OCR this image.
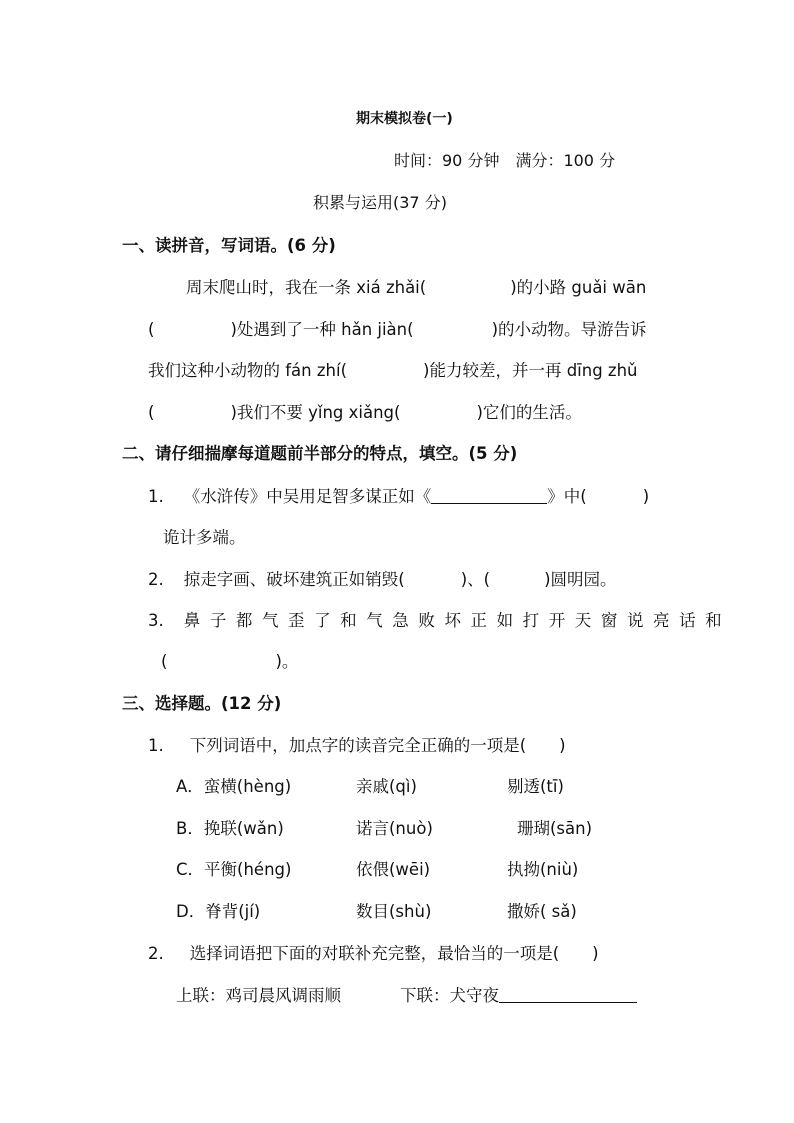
期末模拟卷(一)
时间：90 分钟　满分：100 分
积累与运用(37 分)
一、读拼音，写词语。(6 分)
周末爬山时，我在一条 xiá zhǎi(	)的小路 guǎi wān
(	)处遇到了一种 hǎn jiàn(	)的小动物。导游告诉
我们这种小动物的 fán zhí(	)能力较差，并一再 dīng zhǔ
(	)我们不要 yǐng xiǎng(	)它们的生活。
二、请仔细揣摩每道题前半部分的特点，填空。(5 分)
1. 《水浒传》中吴用足智多谋正如《	》中(	)
诡计多端。
2. 掠走字画、破坏建筑正如销毁(	)、(	)圆明园。
3. 鼻子都气歪了和气急败坏正如打开天窗说亮话和
(	)。
三、选择题。(12 分)
1. 下列词语中，加点字的读音完全正确的一项是(　　)
A．蛮横(hèng)	亲戚(qì)	剔透(tī)
B．挽联(wǎn)	诺言(nuò)	珊瑚(sān)
C．平衡(héng)	依偎(wēi)	执拗(niù)
D．脊背(jí)	数目(shù)	撒娇( sǎ)
2. 选择词语把下面的对联补充完整，最恰当的一项是(　　)
上联：鸡司晨风调雨顺	下联：犬守夜
